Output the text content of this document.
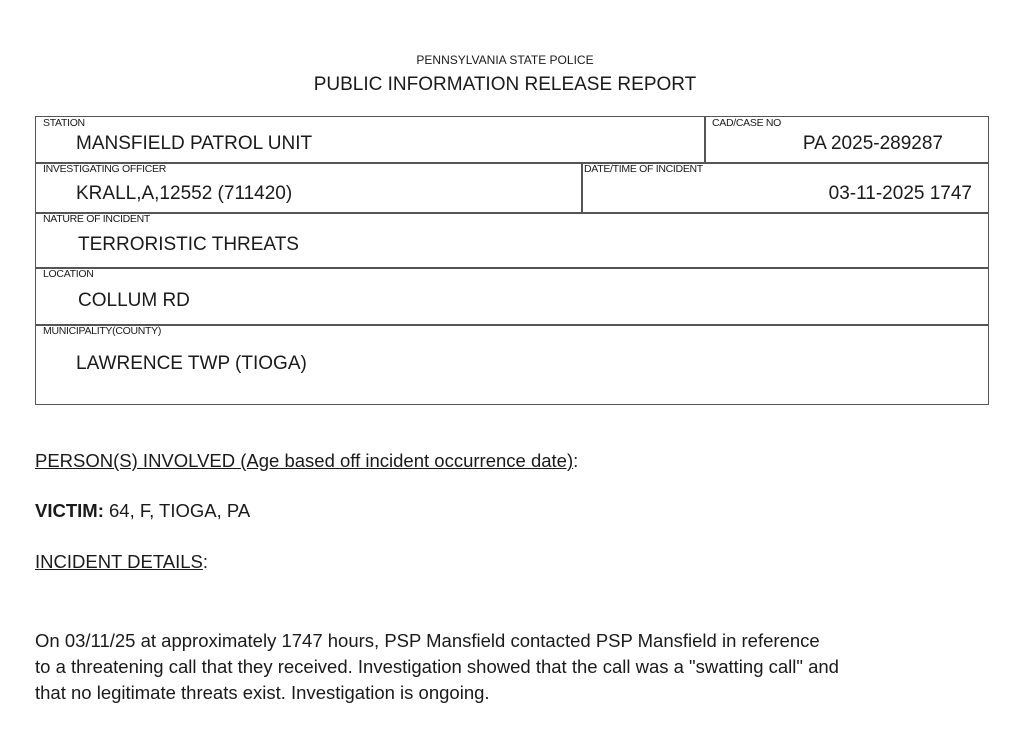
PENNSYLVANIA STATE POLICE
PUBLIC INFORMATION RELEASE REPORT
STATION
MANSFIELD PATROL UNIT
CAD/CASE NO
PA 2025-289287
INVESTIGATING OFFICER
KRALL,A,12552 (711420)
DATE/TIME OF INCIDENT
03-11-2025 1747
NATURE OF INCIDENT
TERRORISTIC THREATS
LOCATION
COLLUM RD
MUNICIPALITY(COUNTY)
LAWRENCE TWP (TIOGA)
PERSON(S) INVOLVED (Age based off incident occurrence date):
VICTIM: 64, F, TIOGA, PA
INCIDENT DETAILS:
On 03/11/25 at approximately 1747 hours, PSP Mansfield contacted PSP Mansfield in reference
to a threatening call that they received. Investigation showed that the call was a "swatting call" and
that no legitimate threats exist. Investigation is ongoing.
